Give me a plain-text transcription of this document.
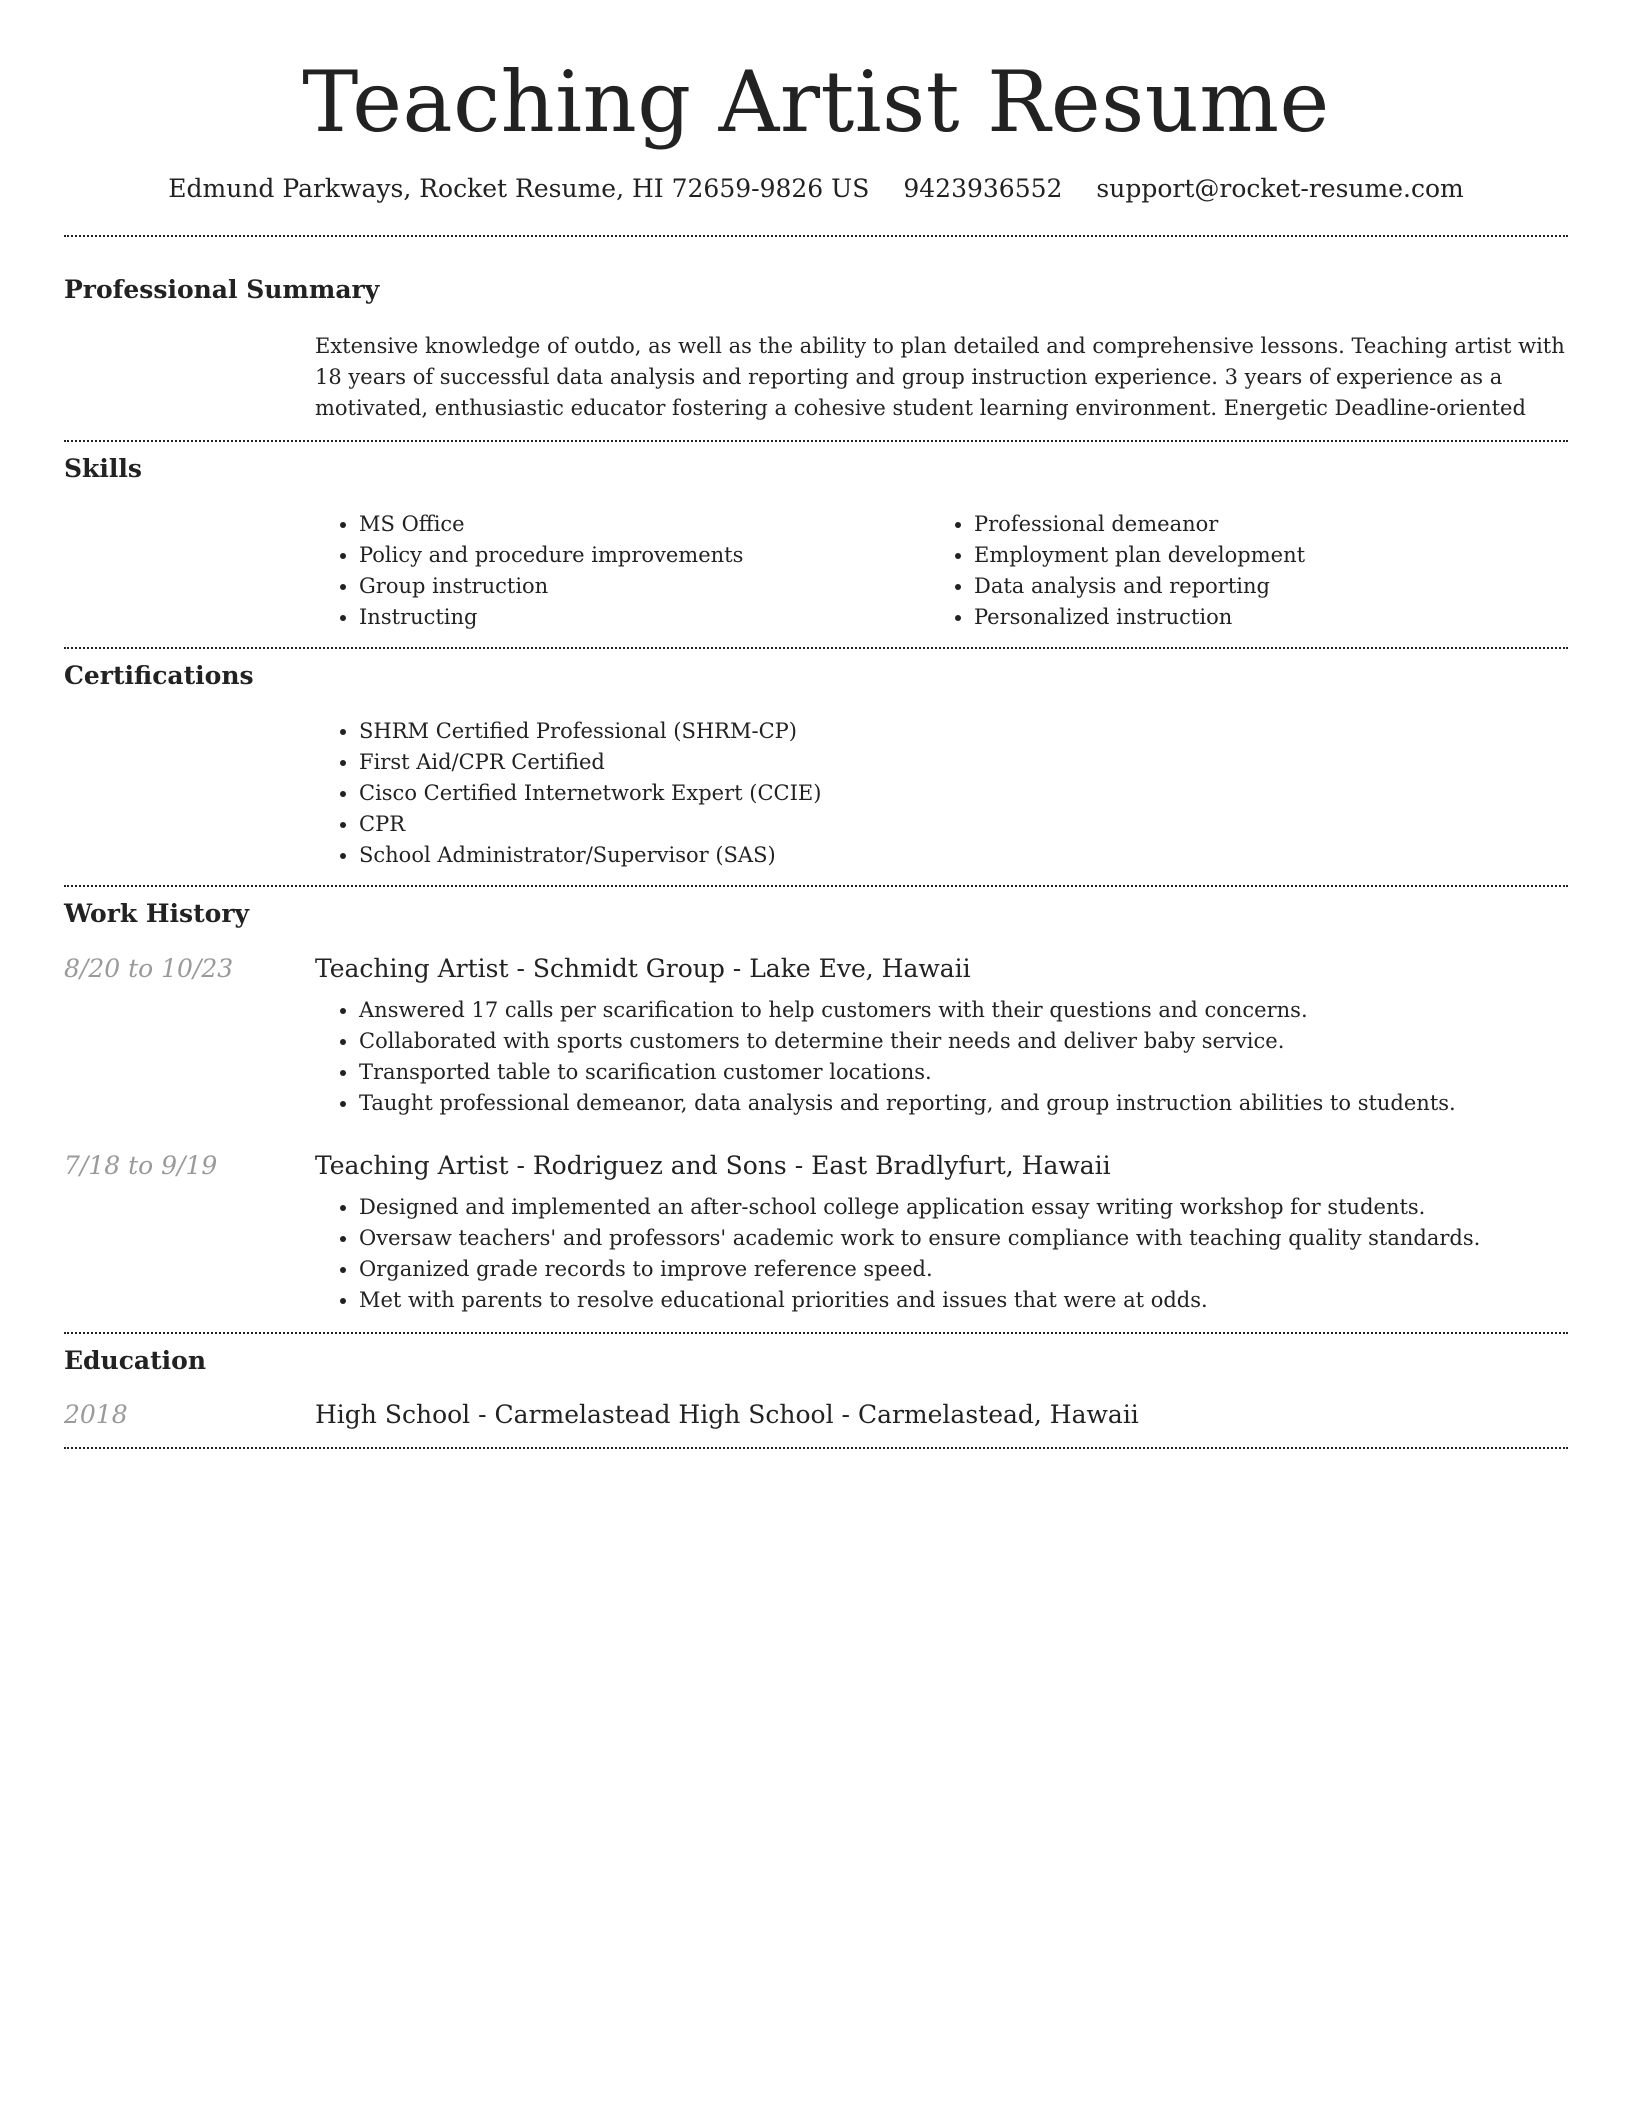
Teaching Artist Resume
Edmund Parkways, Rocket Resume, HI 72659-9826 US 9423936552 support@rocket-resume.com
Professional Summary

Extensive knowledge of outdo, as well as the ability to plan detailed and comprehensive lessons. Teaching artist with 18 years of successful data analysis and reporting and group instruction experience. 3 years of experience as a motivated, enthusiastic educator fostering a cohesive student learning environment. Energetic Deadline-oriented

Skills
• MS Office
• Policy and procedure improvements
• Group instruction
• Instructing
• Professional demeanor
• Employment plan development
• Data analysis and reporting
• Personalized instruction
Certifications
• SHRM Certified Professional (SHRM-CP)
• First Aid/CPR Certified
• Cisco Certified Internetwork Expert (CCIE)
• CPR
• School Administrator/Supervisor (SAS)
Work History
8/20 to 10/23	Teaching Artist - Schmidt Group - Lake Eve, Hawaii
• Answered 17 calls per scarification to help customers with their questions and concerns.
• Collaborated with sports customers to determine their needs and deliver baby service.
• Transported table to scarification customer locations.
• Taught professional demeanor, data analysis and reporting, and group instruction abilities to students.
7/18 to 9/19	Teaching Artist - Rodriguez and Sons - East Bradlyfurt, Hawaii
• Designed and implemented an after-school college application essay writing workshop for students.
• Oversaw teachers' and professors' academic work to ensure compliance with teaching quality standards.
• Organized grade records to improve reference speed.
• Met with parents to resolve educational priorities and issues that were at odds.
Education
2018	High School - Carmelastead High School - Carmelastead, Hawaii
